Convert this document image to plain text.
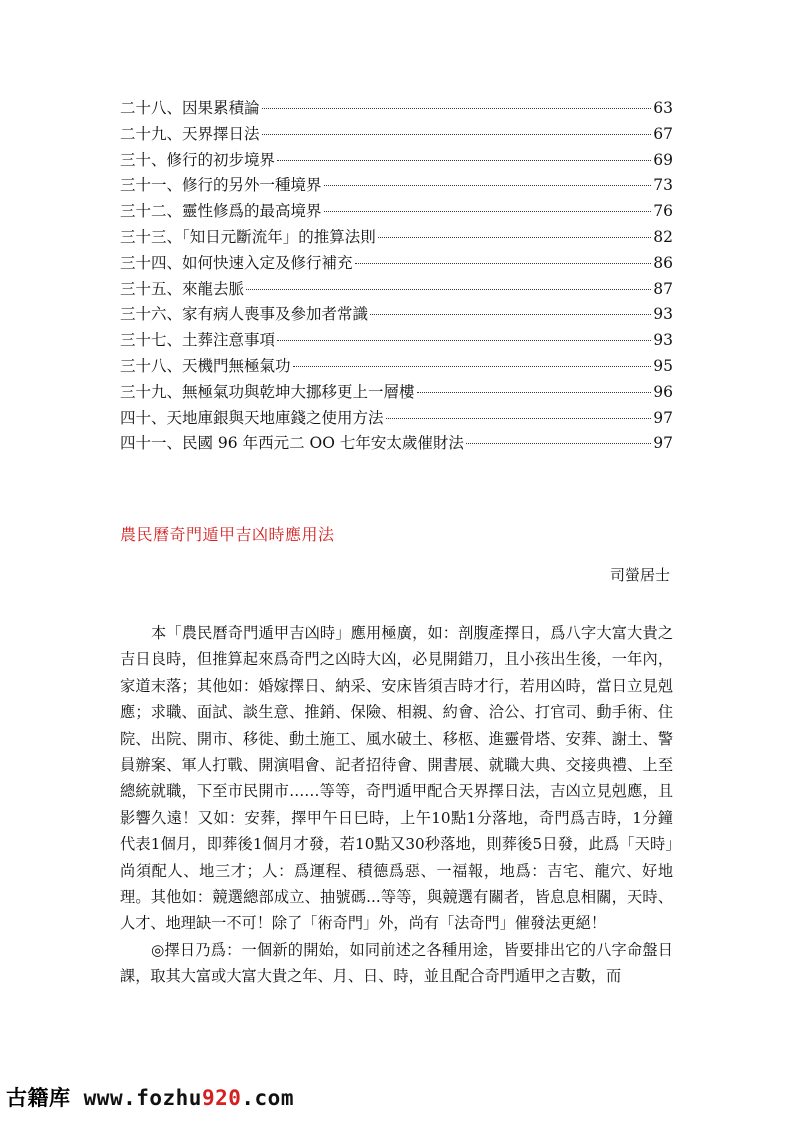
二十八、因果累積論	63
二十九、天界擇日法	67
三十、修行的初步境界	69
三十一、修行的另外一種境界	73
三十二、靈性修爲的最高境界	76
三十三、「知日元斷流年」的推算法則	82
三十四、如何快速入定及修行補充	86
三十五、來龍去脈	87
三十六、家有病人喪事及參加者常識	93
三十七、土葬注意事項	93
三十八、天機門無極氣功	95
三十九、無極氣功與乾坤大挪移更上一層樓	96
四十、天地庫銀與天地庫錢之使用方法	97
四十一、民國 96 年西元二 OO 七年安太歲催財法	97
農民曆奇門遁甲吉凶時應用法
司螢居士

本「農民曆奇門遁甲吉凶時」應用極廣，如：剖腹產擇日，爲八字大富大貴之吉日良時，但推算起來爲奇門之凶時大凶，必見開錯刀，且小孩出生後，一年內，家道末落；其他如：婚嫁擇日、納采、安床皆須吉時才行，若用凶時，當日立見剋應；求職、面試、談生意、推銷、保險、相親、約會、洽公、打官司、動手術、住院、出院、開市、移徙、動土施工、風水破土、移柩、進靈骨塔、安葬、謝土、警員辦案、軍人打戰、開演唱會、記者招待會、開書展、就職大典、交接典禮、上至總統就職，下至市民開市……等等，奇門遁甲配合天界擇日法，吉凶立見剋應，且影響久遠！又如：安葬，擇甲午日巳時，上午10點1分落地，奇門爲吉時，1分鐘代表1個月，即葬後1個月才發，若10點又30秒落地，則葬後5日發，此爲「天時」尚須配人、地三才；人：爲運程、積德爲惡、一福報，地爲：吉宅、龍穴、好地理。其他如：競選總部成立、抽號碼...等等，與競選有關者，皆息息相關，天時、人才、地理缺一不可！除了「術奇門」外，尚有「法奇門」催發法更絕！

◎擇日乃爲：一個新的開始，如同前述之各種用途，皆要排出它的八字命盤日課，取其大富或大富大貴之年、月、日、時，並且配合奇門遁甲之吉數，而

古籍库 www.fozhu920.com
